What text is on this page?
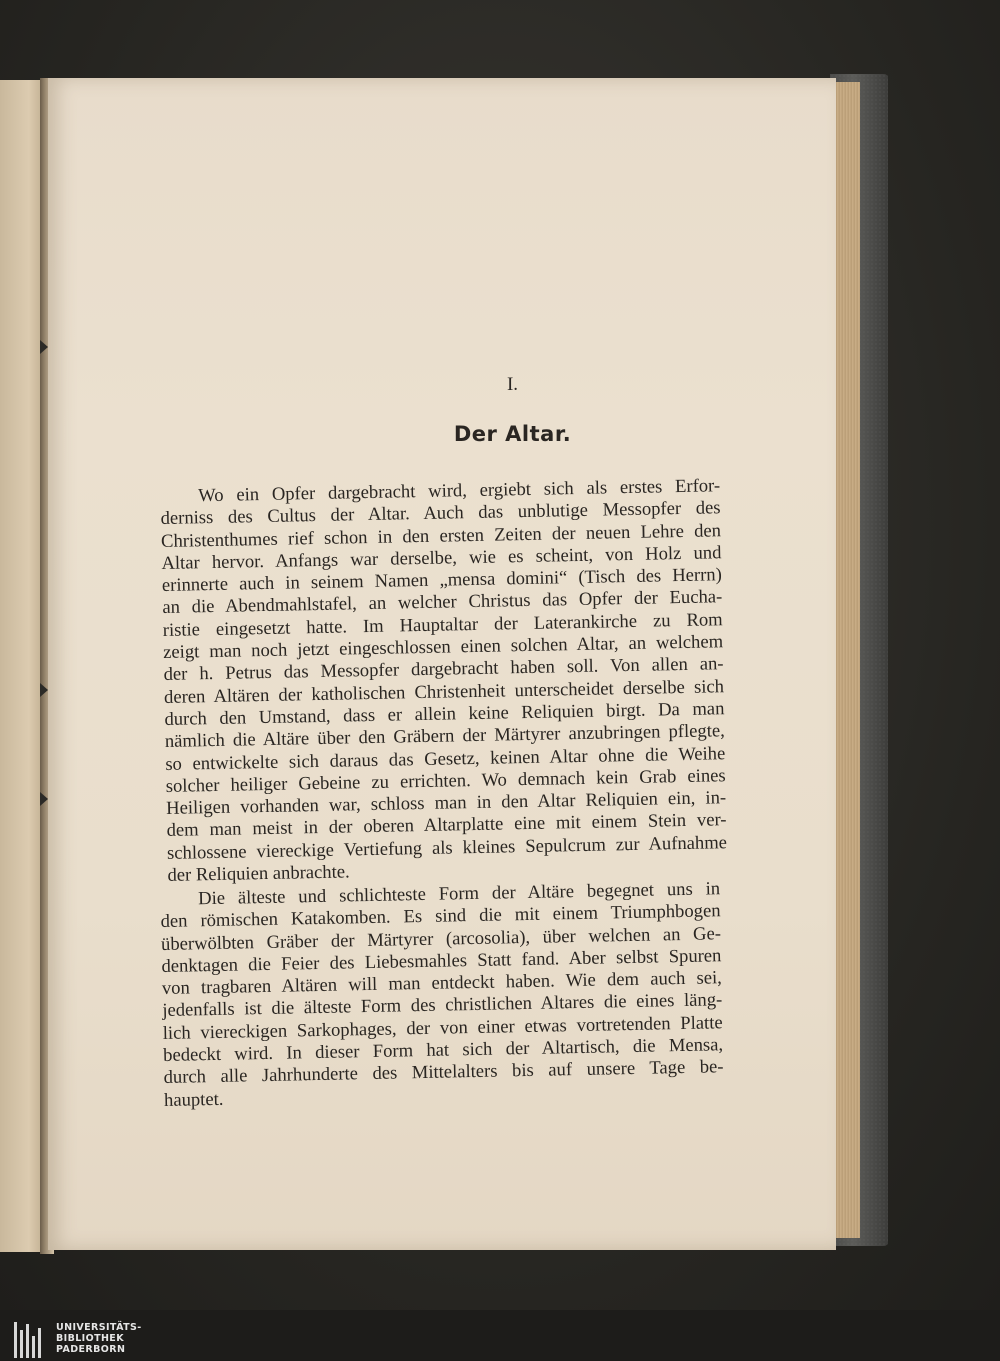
I.
Der Altar.
Wo ein Opfer dargebracht wird, ergiebt sich als erstes Erfor-
derniss des Cultus der Altar. Auch das unblutige Messopfer des
Christenthumes rief schon in den ersten Zeiten der neuen Lehre den
Altar hervor. Anfangs war derselbe, wie es scheint, von Holz und
erinnerte auch in seinem Namen „mensa domini“ (Tisch des Herrn)
an die Abendmahlstafel, an welcher Christus das Opfer der Eucha-
ristie eingesetzt hatte. Im Hauptaltar der Laterankirche zu Rom
zeigt man noch jetzt eingeschlossen einen solchen Altar, an welchem
der h. Petrus das Messopfer dargebracht haben soll. Von allen an-
deren Altären der katholischen Christenheit unterscheidet derselbe sich
durch den Umstand, dass er allein keine Reliquien birgt. Da man
nämlich die Altäre über den Gräbern der Märtyrer anzubringen pflegte,
so entwickelte sich daraus das Gesetz, keinen Altar ohne die Weihe
solcher heiliger Gebeine zu errichten. Wo demnach kein Grab eines
Heiligen vorhanden war, schloss man in den Altar Reliquien ein, in-
dem man meist in der oberen Altarplatte eine mit einem Stein ver-
schlossene viereckige Vertiefung als kleines Sepulcrum zur Aufnahme
der Reliquien anbrachte.
Die älteste und schlichteste Form der Altäre begegnet uns in
den römischen Katakomben. Es sind die mit einem Triumphbogen
überwölbten Gräber der Märtyrer (arcosolia), über welchen an Ge-
denktagen die Feier des Liebesmahles Statt fand. Aber selbst Spuren
von tragbaren Altären will man entdeckt haben. Wie dem auch sei,
jedenfalls ist die älteste Form des christlichen Altares die eines läng-
lich viereckigen Sarkophages, der von einer etwas vortretenden Platte
bedeckt wird. In dieser Form hat sich der Altartisch, die Mensa,
durch alle Jahrhunderte des Mittelalters bis auf unsere Tage be-
hauptet.
UNIVERSITÄTS-
BIBLIOTHEK
PADERBORN
